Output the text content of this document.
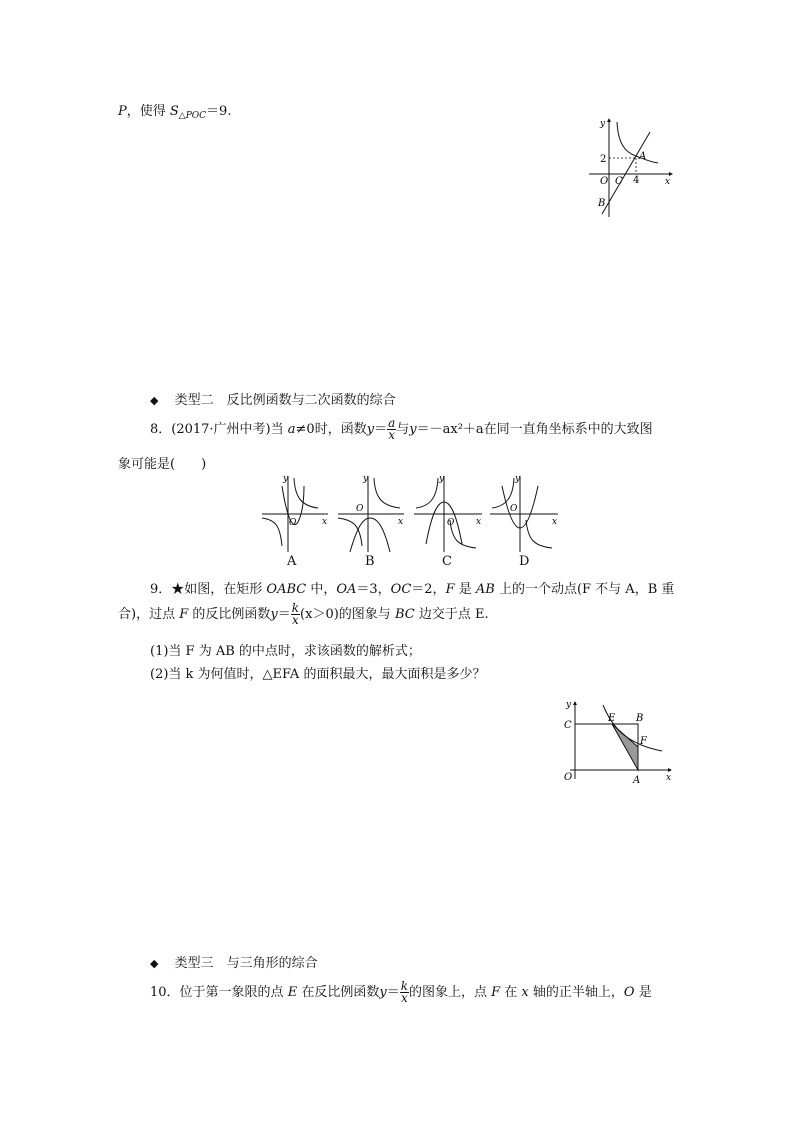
P，使得 $S_{\triangle POC}=9$.
y
x
2
4
O C
A
B
◆ 类型二　反比例函数与二次函数的综合
8．(2017·广州中考)当 a≠0时，函数$y= \frac{a}{x}$ 与y＝－ax²＋a在同一直角坐标系中的大致图
象可能是(　　)
y
x
O
y
x
O
y
x
O
y
x
O
A	B	C	D
9．★如图，在矩形 OABC 中，OA＝3，OC＝2，F 是 AB 上的一个动点(F 不与 A，B 重
合)，过点 F 的反比例函数$y= \frac{k}{x} (x>0)$的图象与 BC 边交于点 E.
(1)当 F 为 AB 的中点时，求该函数的解析式；
(2)当 k 为何值时，△EFA 的面积最大，最大面积是多少？
y
x
O
C
E B
F
A
◆ 类型三　与三角形的综合
10．位于第一象限的点 E 在反比例函数$y= \frac{k}{x}$ 的图象上，点 F 在 x 轴的正半轴上，O 是
